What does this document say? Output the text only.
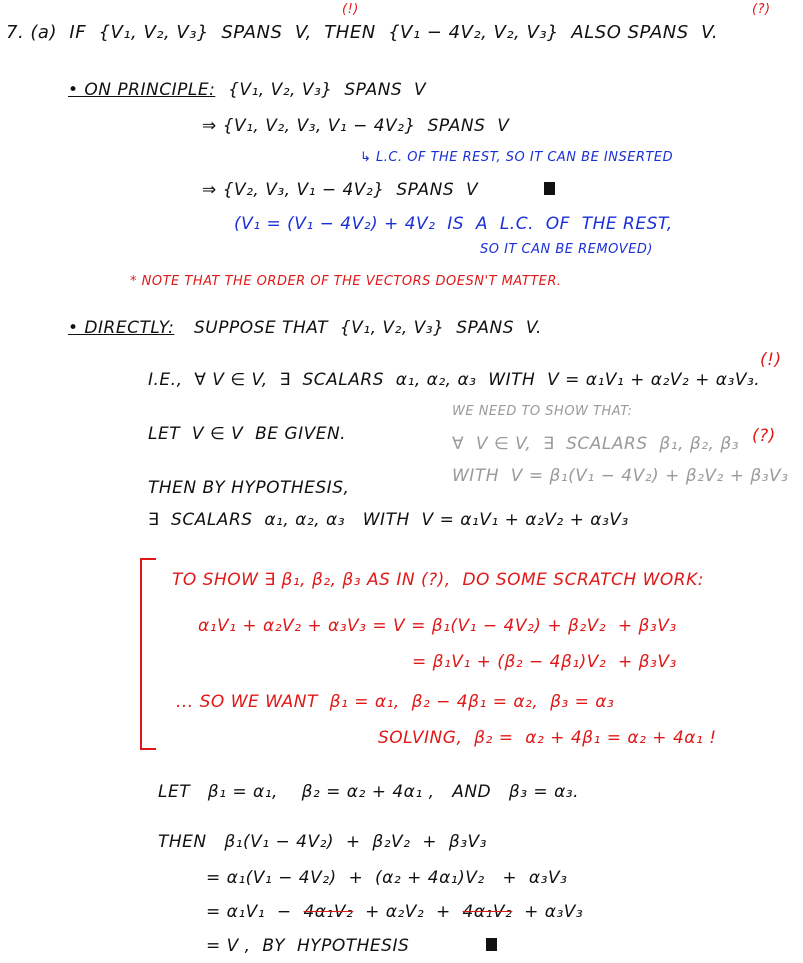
7. (a)  IF  {V₁, V₂, V₃}  SPANS  V,  THEN  {V₁ − 4V₂, V₂, V₃}  ALSO SPANS  V.
(!)	(?)
• ON PRINCIPLE: {V₁, V₂, V₃}  SPANS  V
⇒ {V₁, V₂, V₃, V₁ − 4V₂}  SPANS  V
↳ L.C. OF THE REST, SO IT CAN BE INSERTED
⇒ {V₂, V₃, V₁ − 4V₂}  SPANS  V
(V₁ = (V₁ − 4V₂) + 4V₂  IS  A  L.C.  OF  THE REST,
SO IT CAN BE REMOVED)
* NOTE THAT THE ORDER OF THE VECTORS DOESN'T MATTER.
• DIRECTLY: SUPPOSE THAT  {V₁, V₂, V₃}  SPANS  V.
I.E.,  ∀ V ∈ V,  ∃  SCALARS  α₁, α₂, α₃  WITH  V = α₁V₁ + α₂V₂ + α₃V₃.
(!)
LET  V ∈ V  BE GIVEN.
WE NEED TO SHOW THAT:
∀  V ∈ V,  ∃  SCALARS  β₁, β₂, β₃ (?)
WITH  V = β₁(V₁ − 4V₂) + β₂V₂ + β₃V₃
THEN BY HYPOTHESIS,
∃  SCALARS  α₁, α₂, α₃   WITH  V = α₁V₁ + α₂V₂ + α₃V₃
TO SHOW ∃ β₁, β₂, β₃ AS IN (?),  DO SOME SCRATCH WORK:
α₁V₁ + α₂V₂ + α₃V₃ = V = β₁(V₁ − 4V₂) + β₂V₂  + β₃V₃
= β₁V₁ + (β₂ − 4β₁)V₂  + β₃V₃
... SO WE WANT  β₁ = α₁,  β₂ − 4β₁ = α₂,  β₃ = α₃
SOLVING,  β₂ =  α₂ + 4β₁ = α₂ + 4α₁ !
LET   β₁ = α₁,    β₂ = α₂ + 4α₁ ,   AND   β₃ = α₃.
THEN   β₁(V₁ − 4V₂)  +  β₂V₂  +  β₃V₃
= α₁(V₁ − 4V₂)  +  (α₂ + 4α₁)V₂   +  α₃V₃
= α₁V₁  −  4α₁V₂  + α₂V₂  +  4α₁V₂  + α₃V₃
= V ,  BY  HYPOTHESIS
